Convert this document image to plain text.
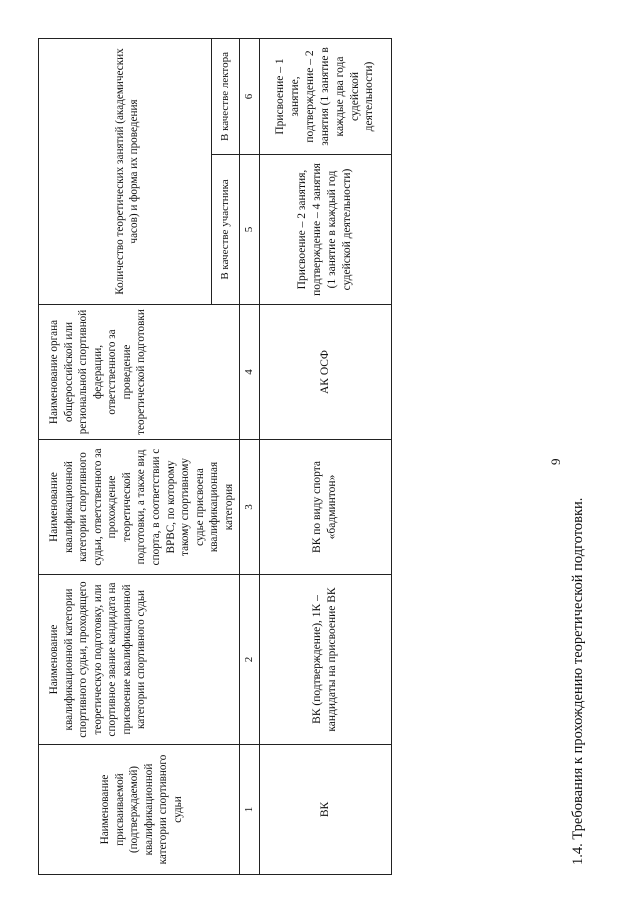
9
1.4. Требования к прохождению теоретической подготовки.
Наименование присваиваемой (подтверждаемой) квалификационной категории спортивного судьи	Наименование квалификационной категории спортивного судьи, проходящего теоретическую подготовку, или спортивное звание кандидата на присвоение квалификационной категории спортивного судьи	Наименование квалификационной категории спортивного судьи, ответственного за прохождение теоретической подготовки, а также вид спорта, в соответствии с ВРВС, по которому такому спортивному судье присвоена квалификационная категория	Наименование органа общероссийской или региональной спортивной федерации, ответственного за проведение теоретической подготовки	Количество теоретических занятий (академических часов) и форма их проведения	
				В качестве участника	В качестве лектора
1	2	3	4	5	6
ВК	ВК (подтверждение), 1К – кандидаты на присвоение ВК	ВК по виду спорта «бадминтон»	АК ОСФ	Присвоение – 2 занятия, подтверждение – 4 занятия (1 занятие в каждый год судейской деятельности)	Присвоение – 1 занятие, подтверждение – 2 занятия (1 занятие в каждые два года судейской деятельности)
